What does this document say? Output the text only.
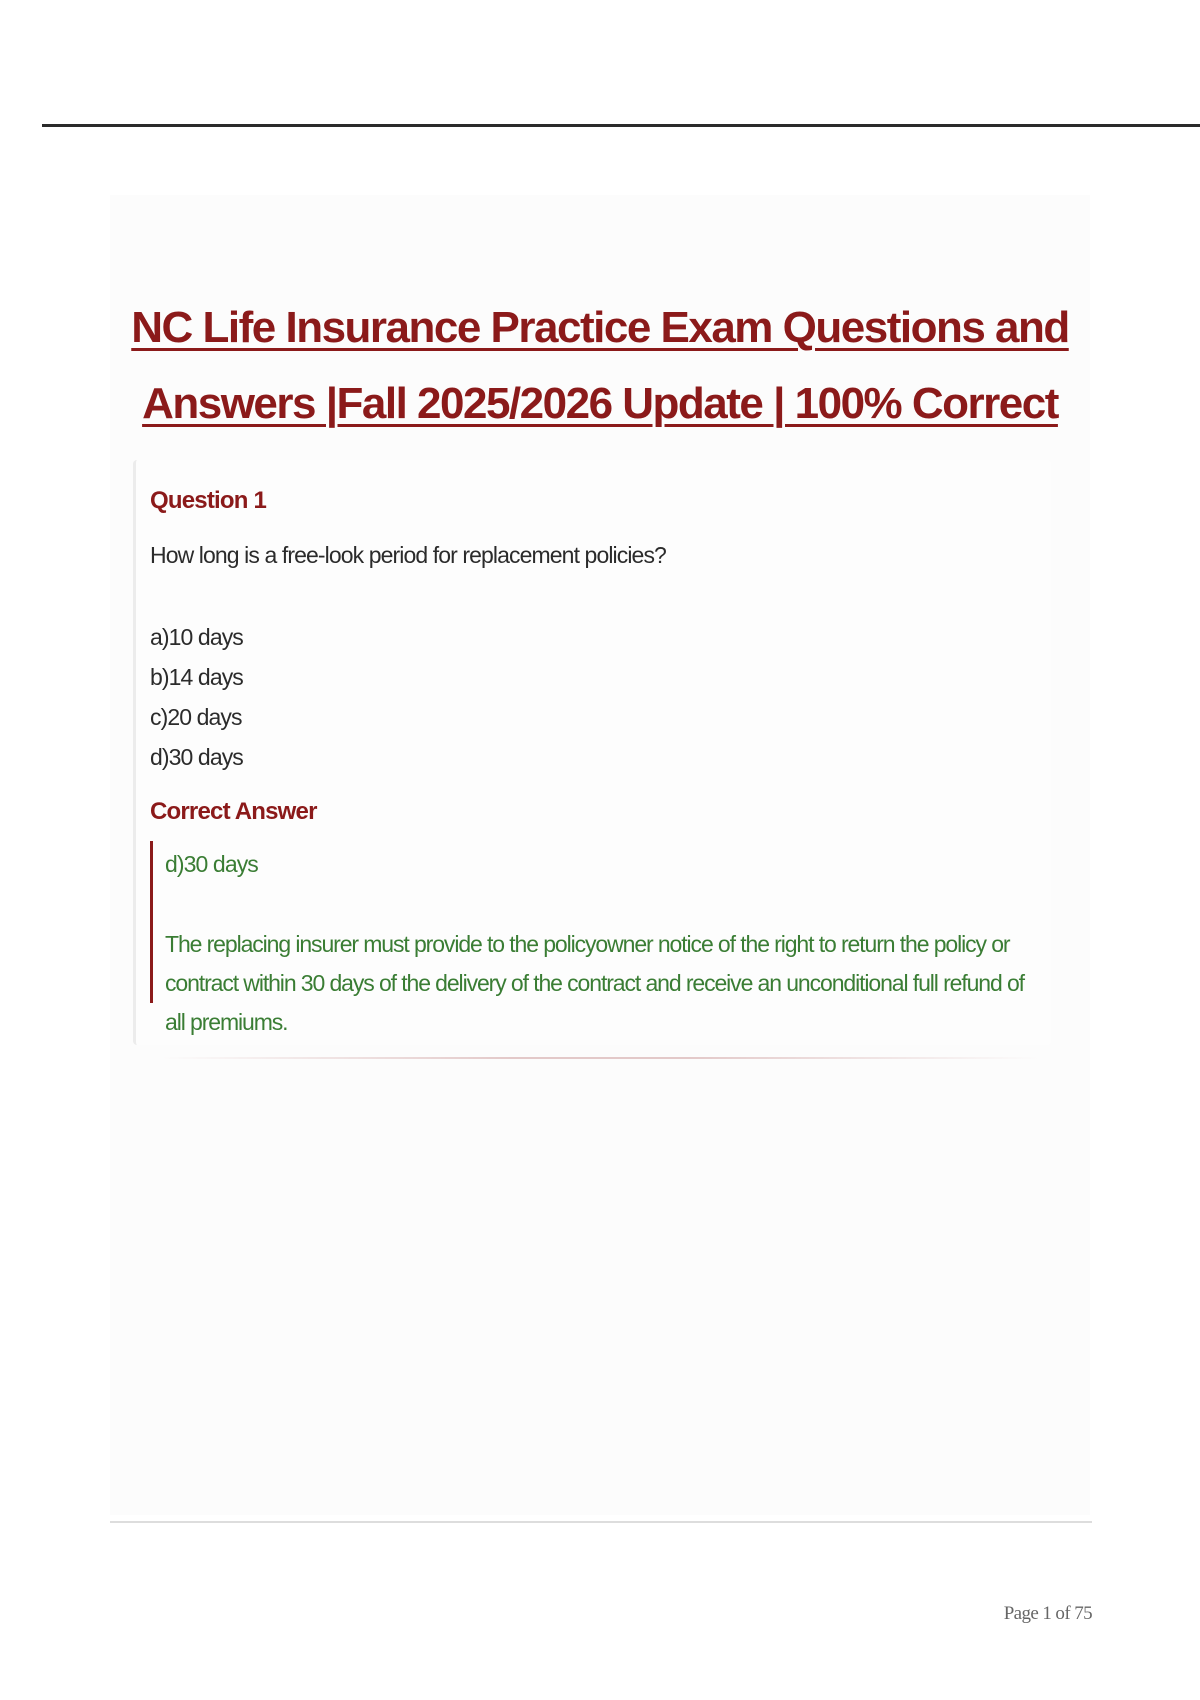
NC Life Insurance Practice Exam Questions and Answers |Fall 2025/2026 Update | 100% Correct
Question 1

How long is a free-look period for replacement policies?

a)10 days
b)14 days
c)20 days
d)30 days
Correct Answer

d)30 days

The replacing insurer must provide to the policyowner notice of the right to return the policy or contract within 30 days of the delivery of the contract and receive an unconditional full refund of all premiums.

Page 1 of 75
